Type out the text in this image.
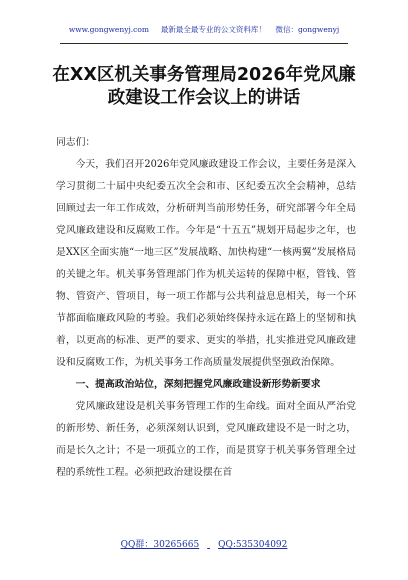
www.gongwenyj.com 最新最全最专业的公文资料库！ 微信：gongwenyj
在XX区机关事务管理局2026年党风廉
政建设工作会议上的讲话

同志们：

今天，我们召开2026年党风廉政建设工作会议，主要任务是深入学习贯彻二十届中央纪委五次全会和市、区纪委五次全会精神，总结回顾过去一年工作成效，分析研判当前形势任务，研究部署今年全局党风廉政建设和反腐败工作。今年是“十五五”规划开局起步之年，也是XX区全面实施“一地三区”发展战略、加快构建“一核两翼”发展格局的关键之年。机关事务管理部门作为机关运转的保障中枢，管钱、管物、管资产、管项目，每一项工作都与公共利益息息相关，每一个环节都面临廉政风险的考验。我们必须始终保持永远在路上的坚韧和执着，以更高的标准、更严的要求、更实的举措，扎实推进党风廉政建设和反腐败工作，为机关事务工作高质量发展提供坚强政治保障。

一、提高政治站位，深刻把握党风廉政建设新形势新要求

党风廉政建设是机关事务管理工作的生命线。面对全面从严治党的新形势、新任务，必须深刻认识到，党风廉政建设不是一时之功，而是长久之计；不是一项孤立的工作，而是贯穿于机关事务管理全过程的系统性工程。必须把政治建设摆在首

QQ群：30265665 QQ:535304092
